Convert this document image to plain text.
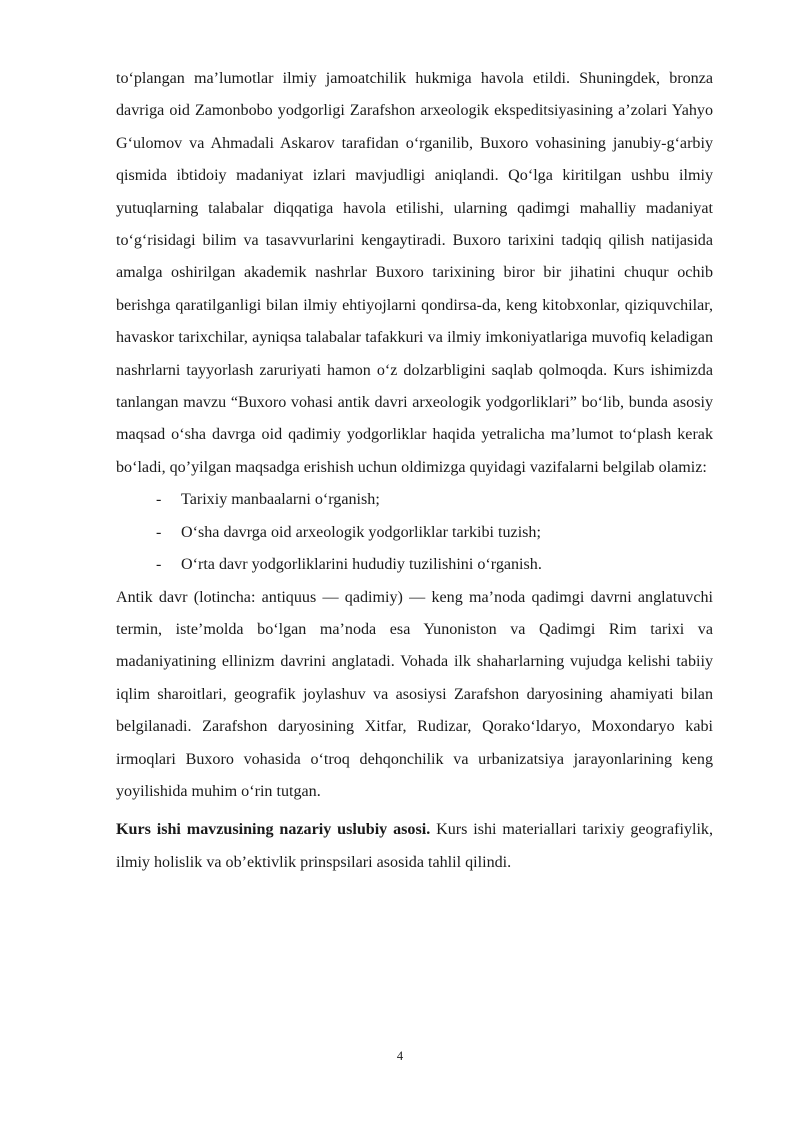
to‘plangan ma’lumotlar ilmiy jamoatchilik hukmiga havola etildi. Shuningdek, bronza davriga oid Zamonbobo yodgorligi Zarafshon arxeologik ekspeditsiyasining a’zolari Yahyo G‘ulomov va Ahmadali Askarov tarafidan o‘rganilib, Buxoro vohasining janubiy-g‘arbiy qismida ibtidoiy madaniyat izlari mavjudligi aniqlandi. Qo‘lga kiritilgan ushbu ilmiy yutuqlarning talabalar diqqatiga havola etilishi, ularning qadimgi mahalliy madaniyat to‘g‘risidagi bilim va tasavvurlarini kengaytiradi. Buxoro tarixini tadqiq qilish natijasida amalga oshirilgan akademik nashrlar Buxoro tarixining biror bir jihatini chuqur ochib berishga qaratilganligi bilan ilmiy ehtiyojlarni qondirsa-da, keng kitobxonlar, qiziquvchilar, havaskor tarixchilar, ayniqsa talabalar tafakkuri va ilmiy imkoniyatlariga muvofiq keladigan nashrlarni tayyorlash zaruriyati hamon o‘z dolzarbligini saqlab qolmoqda. Kurs ishimizda tanlangan mavzu “Buxoro vohasi antik davri arxeologik yodgorliklari” bo‘lib, bunda asosiy maqsad o‘sha davrga oid qadimiy yodgorliklar haqida yetralicha ma’lumot to‘plash kerak bo‘ladi, qo’yilgan maqsadga erishish uchun oldimizga quyidagi vazifalarni belgilab olamiz:

- Tarixiy manbaalarni o‘rganish;
- O‘sha davrga oid arxeologik yodgorliklar tarkibi tuzish;
- O‘rta davr yodgorliklarini hududiy tuzilishini o‘rganish.

Antik davr (lotincha: antiquus — qadimiy) — keng ma’noda qadimgi davrni anglatuvchi termin, iste’molda bo‘lgan ma’noda esa Yunoniston va Qadimgi Rim tarixi va madaniyatining ellinizm davrini anglatadi. Vohada ilk shaharlarning vujudga kelishi tabiiy iqlim sharoitlari, geografik joylashuv va asosiysi Zarafshon daryosining ahamiyati bilan belgilanadi. Zarafshon daryosining Xitfar, Rudizar, Qorako‘ldaryo, Moxondaryo kabi irmoqlari Buxoro vohasida o‘troq dehqonchilik va urbanizatsiya jarayonlarining keng yoyilishida muhim o‘rin tutgan.

Kurs ishi mavzusining nazariy uslubiy asosi. Kurs ishi materiallari tarixiy geografiylik, ilmiy holislik va ob’ektivlik prinspsilari asosida tahlil qilindi.

4
